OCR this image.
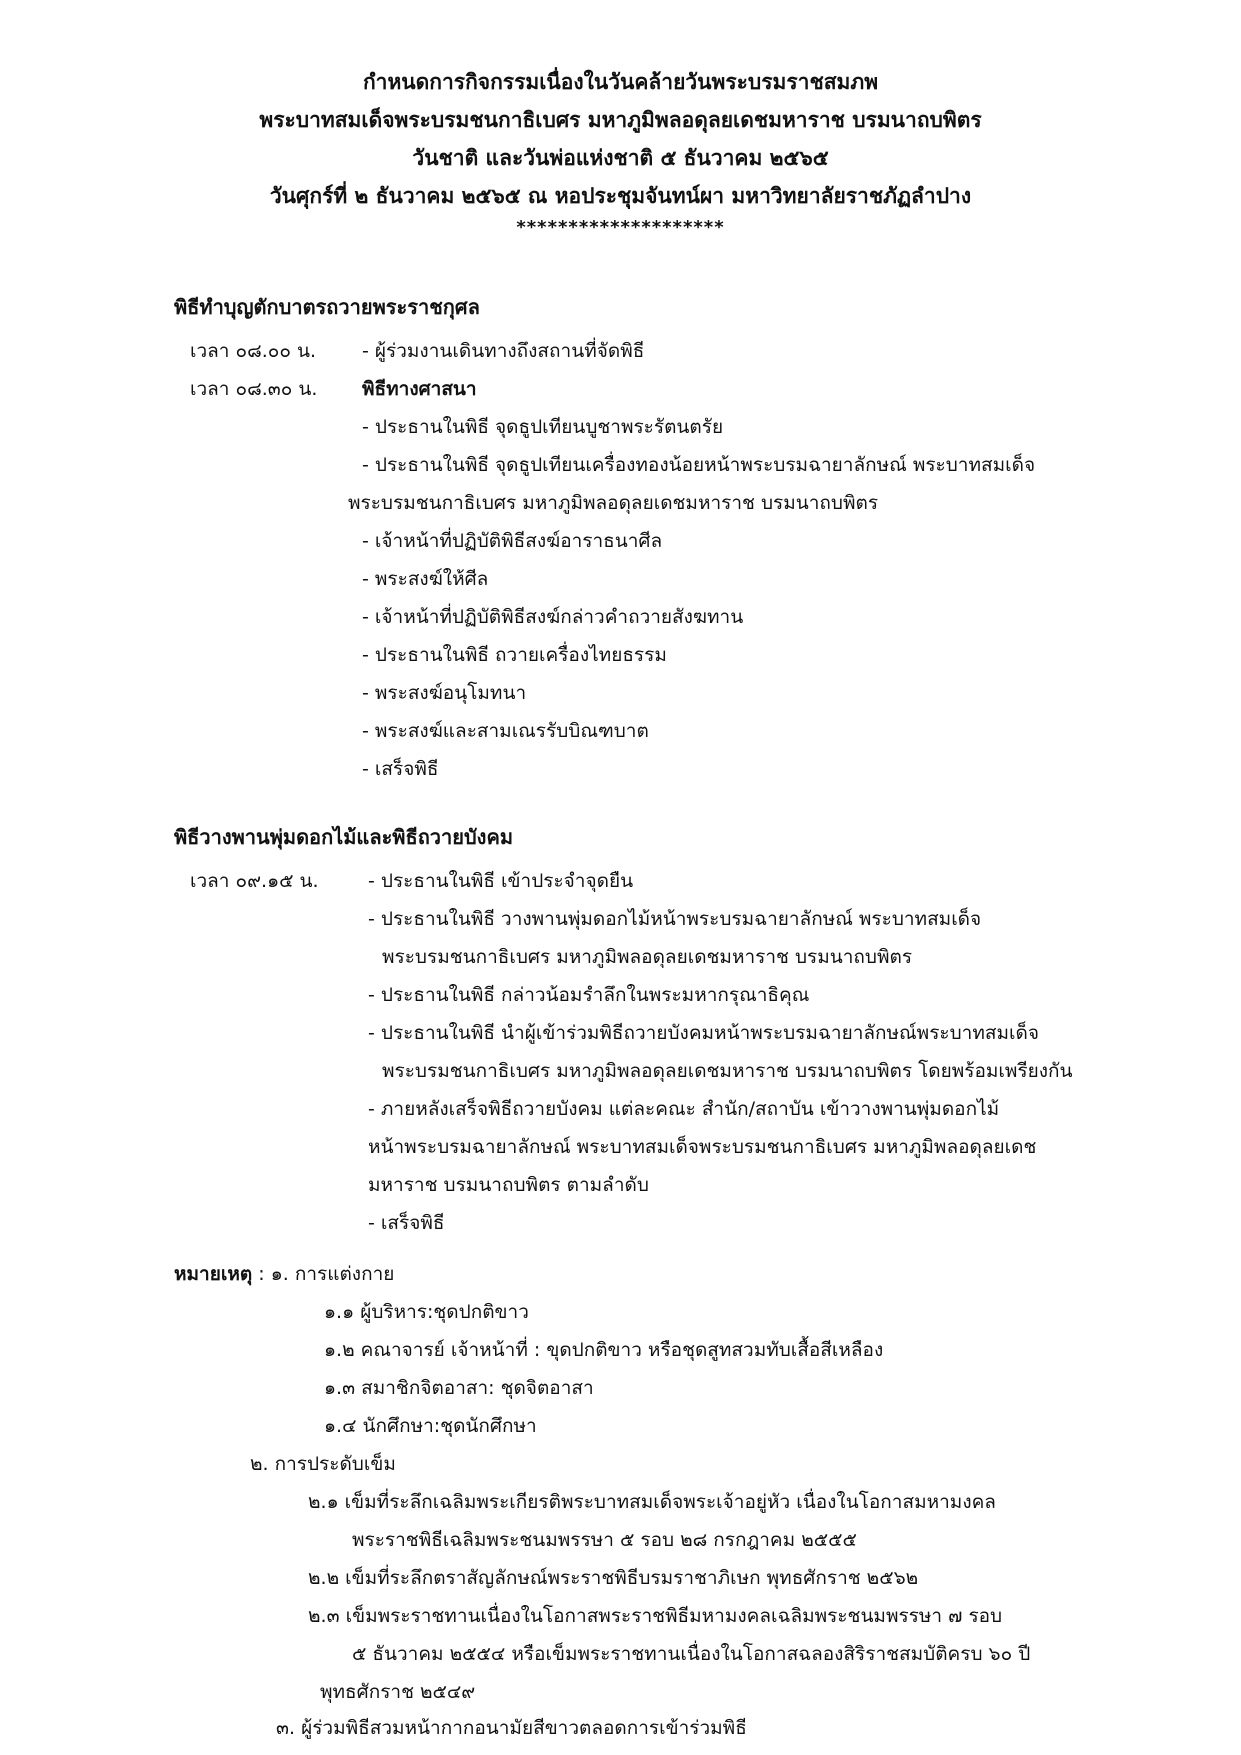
กำหนดการกิจกรรมเนื่องในวันคล้ายวันพระบรมราชสมภพ
พระบาทสมเด็จพระบรมชนกาธิเบศร มหาภูมิพลอดุลยเดชมหาราช บรมนาถบพิตร
วันชาติ และวันพ่อแห่งชาติ ๕ ธันวาคม ๒๕๖๕
วันศุกร์ที่ ๒ ธันวาคม ๒๕๖๕ ณ หอประชุมจันทน์ผา มหาวิทยาลัยราชภัฏลำปาง
********************
พิธีทำบุญตักบาตรถวายพระราชกุศล
เวลา ๐๘.๐๐ น. - ผู้ร่วมงานเดินทางถึงสถานที่จัดพิธี
เวลา ๐๘.๓๐ น. พิธีทางศาสนา
- ประธานในพิธี จุดธูปเทียนบูชาพระรัตนตรัย
- ประธานในพิธี จุดธูปเทียนเครื่องทองน้อยหน้าพระบรมฉายาลักษณ์ พระบาทสมเด็จ
พระบรมชนกาธิเบศร มหาภูมิพลอดุลยเดชมหาราช บรมนาถบพิตร
- เจ้าหน้าที่ปฏิบัติพิธีสงฆ์อาราธนาศีล
- พระสงฆ์ให้ศีล
- เจ้าหน้าที่ปฏิบัติพิธีสงฆ์กล่าวคำถวายสังฆทาน
- ประธานในพิธี ถวายเครื่องไทยธรรม
- พระสงฆ์อนุโมทนา
- พระสงฆ์และสามเณรรับบิณฑบาต
- เสร็จพิธี
พิธีวางพานพุ่มดอกไม้และพิธีถวายบังคม
เวลา ๐๙.๑๕ น.	- ประธานในพิธี เข้าประจำจุดยืน
- ประธานในพิธี วางพานพุ่มดอกไม้หน้าพระบรมฉายาลักษณ์ พระบาทสมเด็จ
พระบรมชนกาธิเบศร มหาภูมิพลอดุลยเดชมหาราช บรมนาถบพิตร
- ประธานในพิธี กล่าวน้อมรำลึกในพระมหากรุณาธิคุณ
- ประธานในพิธี นำผู้เข้าร่วมพิธีถวายบังคมหน้าพระบรมฉายาลักษณ์พระบาทสมเด็จ
พระบรมชนกาธิเบศร มหาภูมิพลอดุลยเดชมหาราช บรมนาถบพิตร โดยพร้อมเพรียงกัน
- ภายหลังเสร็จพิธีถวายบังคม แต่ละคณะ สำนัก/สถาบัน เข้าวางพานพุ่มดอกไม้
หน้าพระบรมฉายาลักษณ์ พระบาทสมเด็จพระบรมชนกาธิเบศร มหาภูมิพลอดุลยเดช
มหาราช บรมนาถบพิตร ตามลำดับ
- เสร็จพิธี
หมายเหตุ : ๑. การแต่งกาย
๑.๑ ผู้บริหาร:ชุดปกติขาว
๑.๒ คณาจารย์ เจ้าหน้าที่ : ขุดปกติขาว หรือชุดสูทสวมทับเสื้อสีเหลือง
๑.๓ สมาชิกจิตอาสา: ชุดจิตอาสา
๑.๔ นักศึกษา:ชุดนักศึกษา
๒. การประดับเข็ม
๒.๑ เข็มที่ระลึกเฉลิมพระเกียรติพระบาทสมเด็จพระเจ้าอยู่หัว เนื่องในโอกาสมหามงคล
พระราชพิธีเฉลิมพระชนมพรรษา ๕ รอบ ๒๘ กรกฎาคม ๒๕๕๕
๒.๒ เข็มที่ระลึกตราสัญลักษณ์พระราชพิธีบรมราชาภิเษก พุทธศักราช ๒๕๖๒
๒.๓ เข็มพระราชทานเนื่องในโอกาสพระราชพิธีมหามงคลเฉลิมพระชนมพรรษา ๗ รอบ
๕ ธันวาคม ๒๕๕๔ หรือเข็มพระราชทานเนื่องในโอกาสฉลองสิริราชสมบัติครบ ๖๐ ปี
พุทธศักราช ๒๕๔๙
๓. ผู้ร่วมพิธีสวมหน้ากากอนามัยสีขาวตลอดการเข้าร่วมพิธี
